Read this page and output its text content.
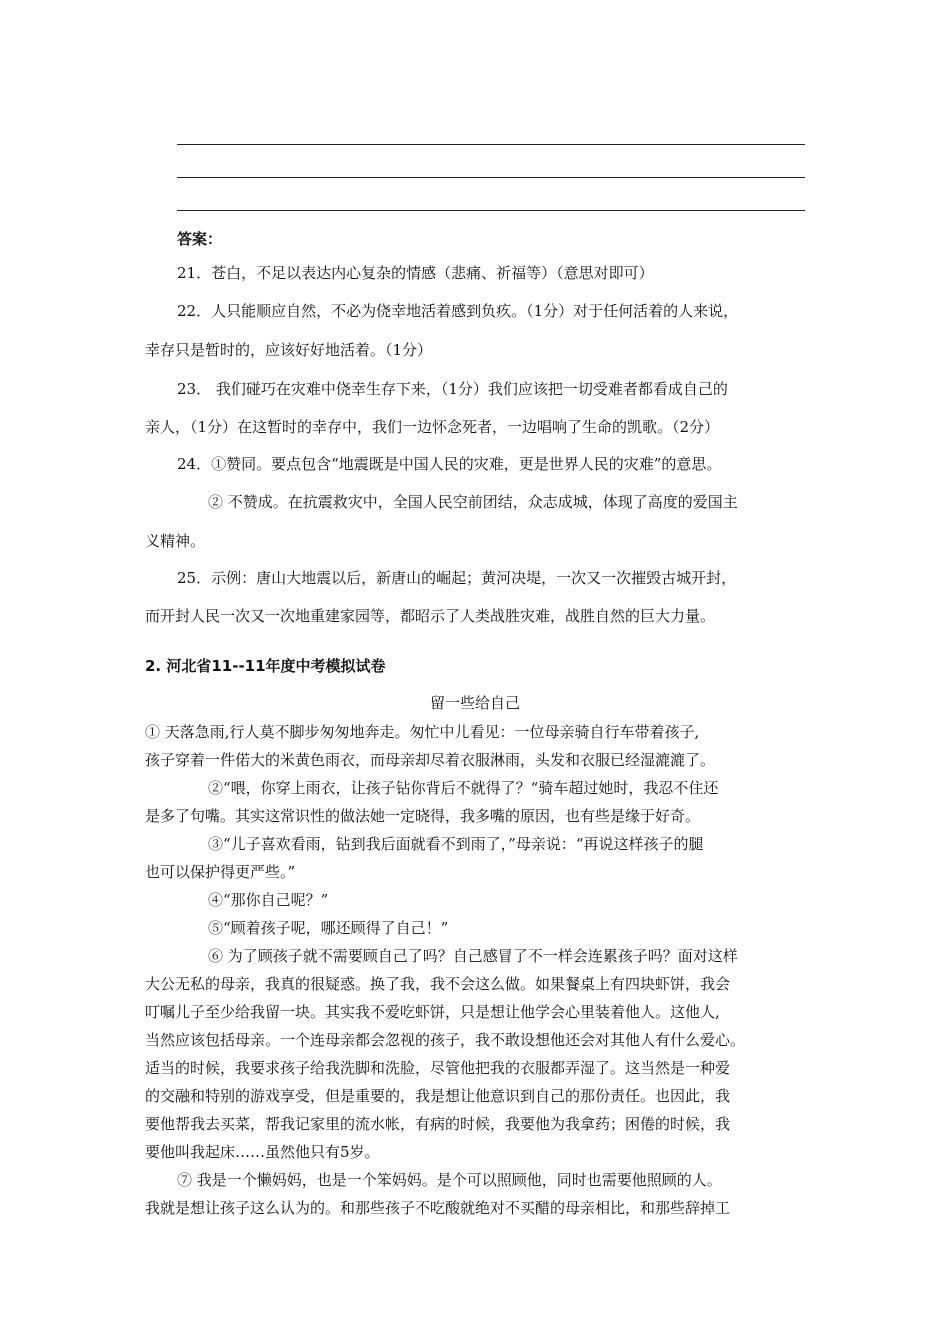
答案：
21．苍白，不足以表达内心复杂的情感（悲痛、祈福等）（意思对即可）
22．人只能顺应自然，不必为侥幸地活着感到负疚。（1分）对于任何活着的人来说，
幸存只是暂时的，应该好好地活着。（1分）
23． 我们碰巧在灾难中侥幸生存下来，（1分）我们应该把一切受难者都看成自己的
亲人，（1分）在这暂时的幸存中，我们一边怀念死者，一边唱响了生命的凯歌。（2分）
24．①赞同。要点包含“地震既是中国人民的灾难，更是世界人民的灾难”的意思。
② 不赞成。在抗震救灾中，全国人民空前团结，众志成城，体现了高度的爱国主
义精神。
25．示例：唐山大地震以后，新唐山的崛起；黄河决堤，一次又一次摧毁古城开封，
而开封人民一次又一次地重建家园等，都昭示了人类战胜灾难，战胜自然的巨大力量。
2. 河北省11--11年度中考模拟试卷
留一些给自己
① 天落急雨,行人莫不脚步匆匆地奔走。匆忙中儿看见：一位母亲骑自行车带着孩子,
孩子穿着一件偌大的米黄色雨衣，而母亲却尽着衣服淋雨，头发和衣服已经湿漉漉了。
②“喂，你穿上雨衣，让孩子钻你背后不就得了？“骑车超过她时，我忍不住还
是多了句嘴。其实这常识性的做法她一定晓得，我多嘴的原因，也有些是缘于好奇。
③“儿子喜欢看雨，钻到我后面就看不到雨了，”母亲说：“再说这样孩子的腿
也可以保护得更严些。”
④“那你自己呢？”
⑤“顾着孩子呢，哪还顾得了自己！”
⑥ 为了顾孩子就不需要顾自己了吗？自己感冒了不一样会连累孩子吗？面对这样
大公无私的母亲，我真的很疑惑。换了我，我不会这么做。如果餐桌上有四块虾饼，我会
叮嘱儿子至少给我留一块。其实我不爱吃虾饼，只是想让他学会心里装着他人。这他人,
当然应该包括母亲。一个连母亲都会忽视的孩子，我不敢设想他还会对其他人有什么爱心。
适当的时候，我要求孩子给我洗脚和洗脸，尽管他把我的衣服都弄湿了。这当然是一种爱
的交融和特别的游戏享受，但是重要的，我是想让他意识到自己的那份责任。也因此，我
要他帮我去买菜，帮我记家里的流水帐，有病的时候，我要他为我拿药；困倦的时候，我
要他叫我起床……虽然他只有5岁。
⑦ 我是一个懒妈妈，也是一个笨妈妈。是个可以照顾他，同时也需要他照顾的人。
我就是想让孩子这么认为的。和那些孩子不吃酸就绝对不买醋的母亲相比，和那些辞掉工
